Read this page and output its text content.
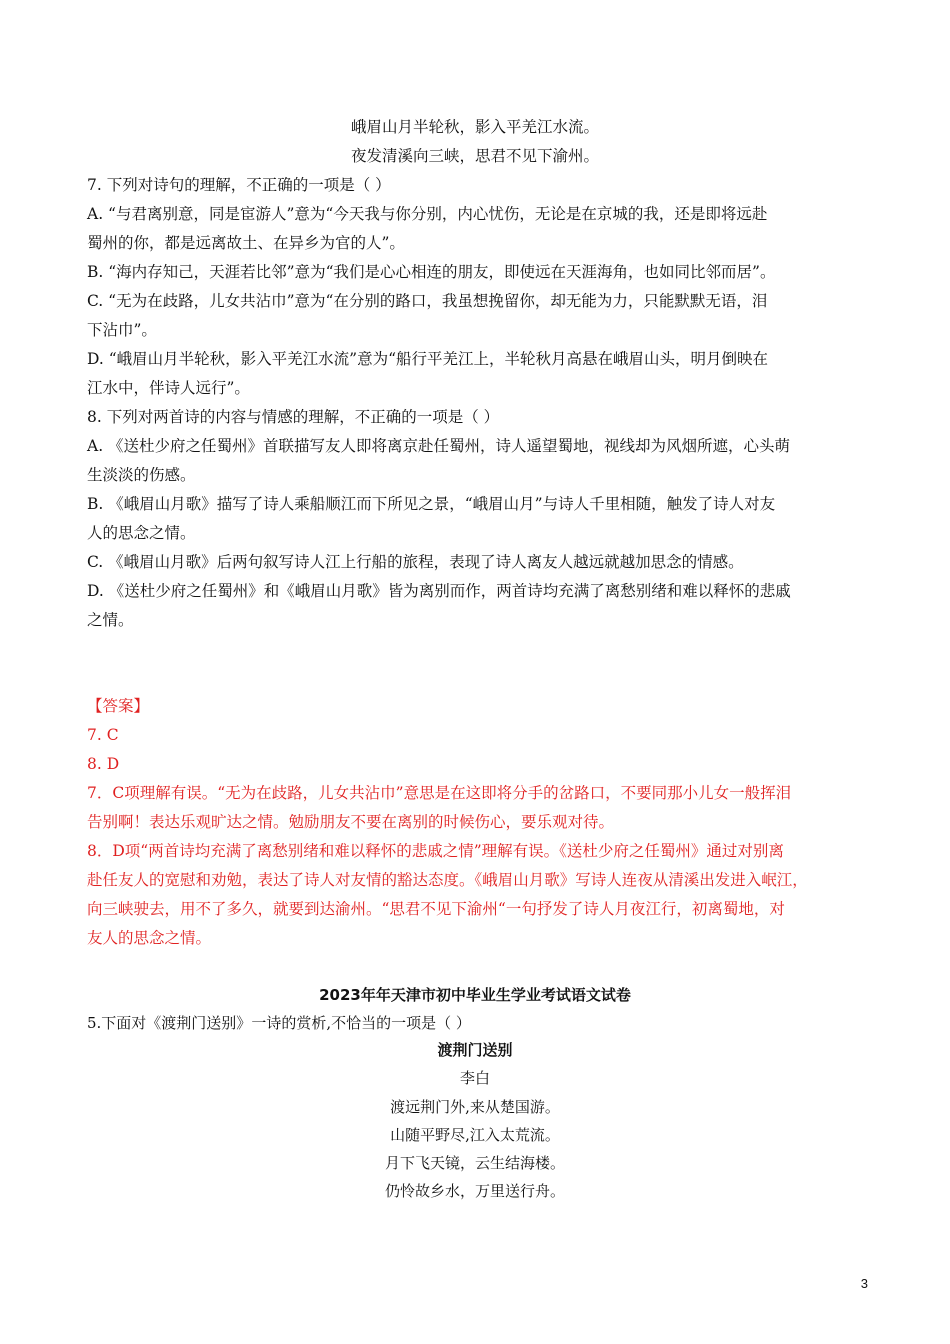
峨眉山月半轮秋，影入平羌江水流。
夜发清溪向三峡，思君不见下渝州。
7. 下列对诗句的理解，不正确的一项是（ ）
A. “与君离别意，同是宦游人”意为“今天我与你分别，内心忧伤，无论是在京城的我，还是即将远赴
蜀州的你，都是远离故土、在异乡为官的人”。
B. “海内存知己，天涯若比邻”意为“我们是心心相连的朋友，即使远在天涯海角，也如同比邻而居”。
C. “无为在歧路，儿女共沾巾”意为“在分别的路口，我虽想挽留你，却无能为力，只能默默无语，泪
下沾巾”。
D. “峨眉山月半轮秋，影入平羌江水流”意为“船行平羌江上，半轮秋月高悬在峨眉山头，明月倒映在
江水中，伴诗人远行”。
8. 下列对两首诗的内容与情感的理解，不正确的一项是（ ）
A. 《送杜少府之任蜀州》首联描写友人即将离京赴任蜀州，诗人遥望蜀地，视线却为风烟所遮，心头萌
生淡淡的伤感。
B. 《峨眉山月歌》描写了诗人乘船顺江而下所见之景，“峨眉山月”与诗人千里相随，触发了诗人对友
人的思念之情。
C. 《峨眉山月歌》后两句叙写诗人江上行船的旅程，表现了诗人离友人越远就越加思念的情感。
D. 《送杜少府之任蜀州》和《峨眉山月歌》皆为离别而作，两首诗均充满了离愁别绪和难以释怀的悲戚
之情。
【答案】
7. C
8. D
7．C项理解有误。“无为在歧路，儿女共沾巾”意思是在这即将分手的岔路口，不要同那小儿女一般挥泪
告别啊！表达乐观旷达之情。勉励朋友不要在离别的时候伤心，要乐观对待。
8．D项“两首诗均充满了离愁别绪和难以释怀的悲戚之情”理解有误。《送杜少府之任蜀州》通过对别离
赴任友人的宽慰和劝勉，表达了诗人对友情的豁达态度。《峨眉山月歌》写诗人连夜从清溪出发进入岷江，
向三峡驶去，用不了多久，就要到达渝州。“思君不见下渝州“一句抒发了诗人月夜江行，初离蜀地，对
友人的思念之情。
2023年年天津市初中毕业生学业考试语文试卷
5.下面对《渡荆门送别》一诗的赏析,不恰当的一项是（ ）
渡荆门送别
李白
渡远荆门外,来从楚国游。
山随平野尽,江入太荒流。
月下飞天镜，云生结海楼。
仍怜故乡水，万里送行舟。
3
